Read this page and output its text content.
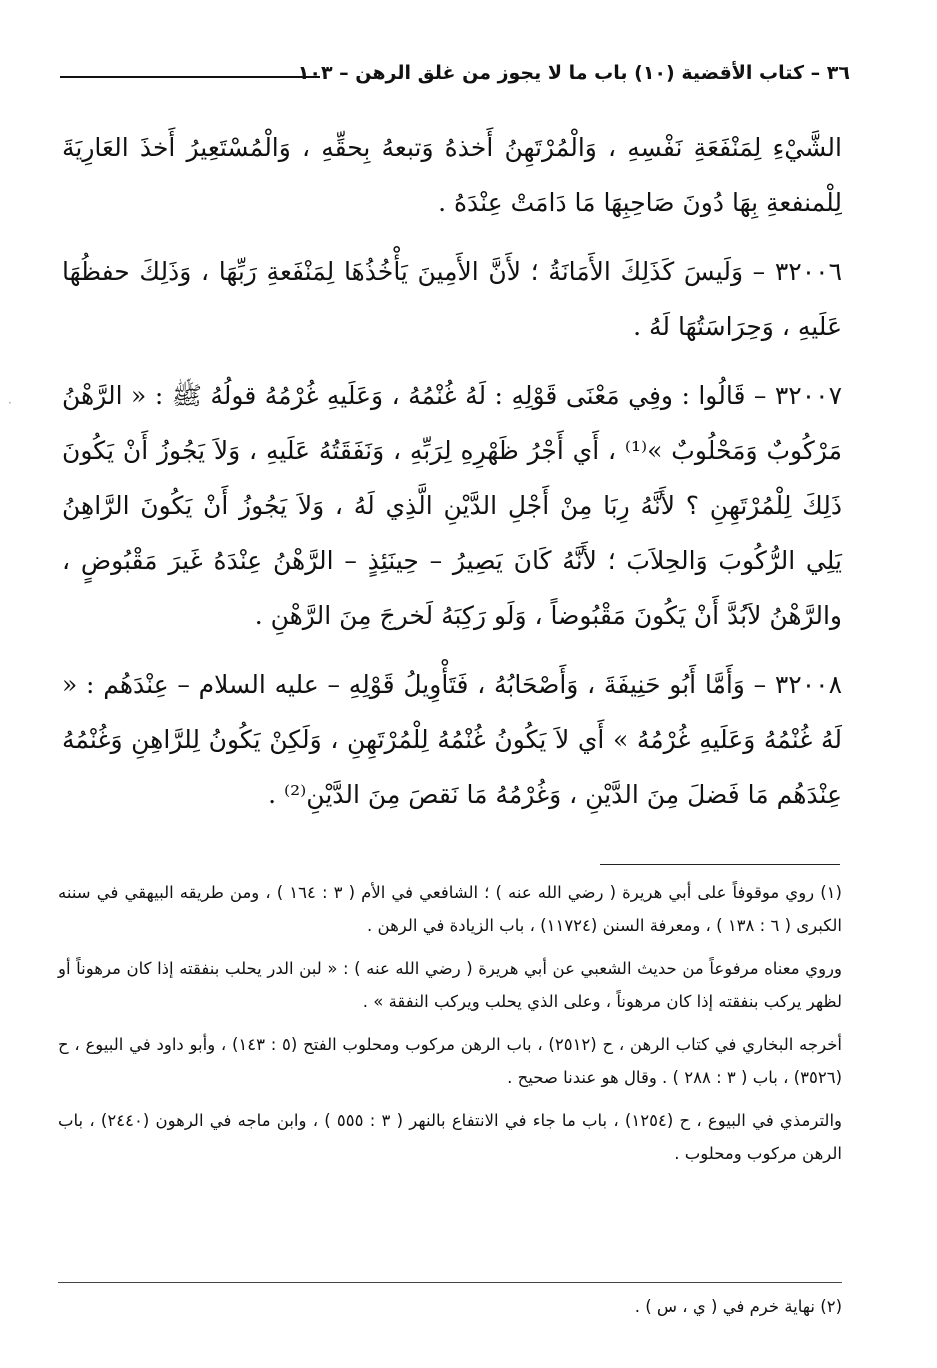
٣٦ – كتاب الأقضية (١٠) باب ما لا يجوز من غلق الرهن – ١٠٣
·

الشَّيْءِ لِمَنْفَعَةِ نَفْسِهِ ، وَالْمُرْتَهِنُ أَخذهُ وَتبعهُ بِحقِّهِ ، وَالْمُسْتَعِيرُ أَخذَ العَارِيَةَ لِلْمنفعةِ بِهَا دُونَ صَاحِبِهَا مَا دَامَتْ عِنْدَهُ .

٣٢٠٠٦ – وَلَيسَ كَذَلِكَ الأَمَانَةُ ؛ لأَنَّ الأَمِينَ يَأْخُذُهَا لِمَنْفَعةِ رَبِّهَا ، وَذَلِكَ حفظُهَا عَلَيهِ ، وَحِرَاسَتُهَا لَهُ .

٣٢٠٠٧ – قَالُوا : وفِي مَعْنَى قَوْلِهِ : لَهُ غُنْمُهُ ، وَعَلَيهِ غُرْمُهُ قولُهُ ﷺ : « الرَّهْنُ مَرْكُوبٌ وَمَحْلُوبٌ »⁽¹⁾ ، أَي أَجْرُ ظَهْرِهِ لِرَبِّهِ ، وَنَفَقَتُهُ عَلَيهِ ، وَلاَ يَجُوزُ أَنْ يَكُونَ ذَلِكَ لِلْمُرْتَهِنِ ؟ لأَنَّهُ رِبَا مِنْ أَجْلِ الدَّيْنِ الَّذِي لَهُ ، وَلاَ يَجُوزُ أَنْ يَكُونَ الرَّاهِنُ يَلِي الرُّكُوبَ وَالحِلاَبَ ؛ لأَنَّهُ كَانَ يَصِيرُ – حِينَئِذٍ – الرَّهْنُ عِنْدَهُ غَيرَ مَقْبُوضٍ ، والرَّهْنُ لاَبُدَّ أَنْ يَكُونَ مَقْبُوضاً ، وَلَو رَكِبَهُ لَخرجَ مِنَ الرَّهْنِ .

٣٢٠٠٨ – وَأَمَّا أَبُو حَنِيفَةَ ، وَأَصْحَابُهُ ، فَتَأْوِيلُ قَوْلِهِ – عليه السلام – عِنْدَهُم : « لَهُ غُنْمُهُ وَعَلَيهِ غُرْمُهُ » أَي لاَ يَكُونُ غُنْمُهُ لِلْمُرْتَهِنِ ، وَلَكِنْ يَكُونُ لِلرَّاهِنِ وَغُنْمُهُ عِنْدَهُم مَا فَضلَ مِنَ الدَّيْنِ ، وَغُرْمُهُ مَا نَقصَ مِنَ الدَّيْنِ⁽²⁾ .

(١) روي موقوفاً على أبي هريرة ( رضي الله عنه ) ؛ الشافعي في الأم ( ٣ : ١٦٤ ) ، ومن طريقه البيهقي في سننه الكبرى ( ٦ : ١٣٨ ) ، ومعرفة السنن (١١٧٢٤) ، باب الزيادة في الرهن .

وروي معناه مرفوعاً من حديث الشعبي عن أبي هريرة ( رضي الله عنه ) : « لبن الدر يحلب بنفقته إذا كان مرهوناً أو لظهر يركب بنفقته إذا كان مرهوناً ، وعلى الذي يحلب ويركب النفقة » .

أخرجه البخاري في كتاب الرهن ، ح (٢٥١٢) ، باب الرهن مركوب ومحلوب الفتح (٥ : ١٤٣) ، وأبو داود في البيوع ، ح (٣٥٢٦) ، باب ( ٣ : ٢٨٨ ) . وقال هو عندنا صحيح .

والترمذي في البيوع ، ح (١٢٥٤) ، باب ما جاء في الانتفاع بالنهر ( ٣ : ٥٥٥ ) ، وابن ماجه في الرهون (٢٤٤٠) ، باب الرهن مركوب ومحلوب .

(٢) نهاية خرم في ( ي ، س ) .
